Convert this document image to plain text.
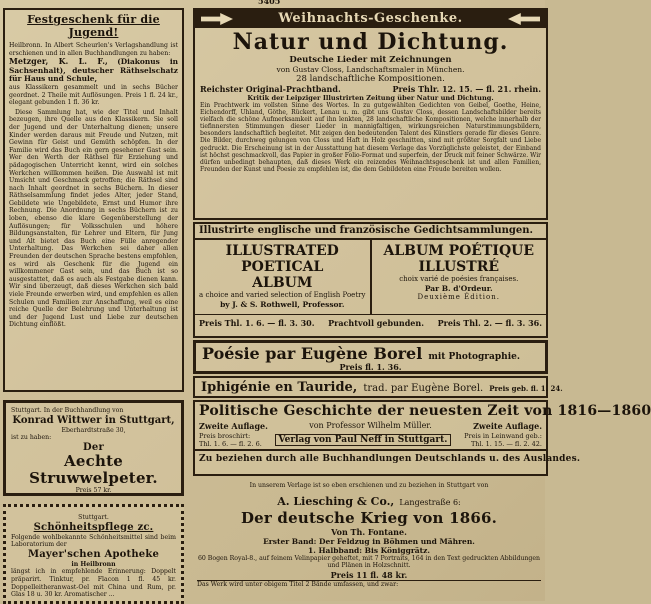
5405
Festgeschenk für die Jugend!
Heilbronn. In Albert Scheurlen's Verlagshandlung ist erschienen und in allen Buchhandlungen zu haben:
Metzger, K. L. F., (Diakonus in Sachsenhalt), deutscher Räthselschatz für Haus und Schule,
aus Klassikern gesammelt und in sechs Bücher geordnet. 2 Theile mit Auflösungen. Preis 1 fl. 24 kr., elegant gebunden 1 fl. 36 kr.
Diese Sammlung hat, wie der Titel und Inhalt bezeugen, ihre Quelle aus den Klassikern. Sie soll der Jugend und der Unterhaltung dienen; unsere Kinder werden daraus mit Freude und Nutzen, mit Gewinn für Geist und Gemüth schöpfen. In der Familie wird das Buch ein gern gesehener Gast sein. Wer den Werth der Räthsel für Erziehung und pädagogischen Unterricht kennt, wird ein solches Werkchen willkommen heißen. Die Auswahl ist mit Umsicht und Geschmack getroffen; die Räthsel sind nach Inhalt geordnet in sechs Büchern. In dieser Räthselsammlung findet jedes Alter, jeder Stand, Gebildete wie Ungebildete, Ernst und Humor ihre Rechnung. Die Anordnung in sechs Büchern ist zu loben, ebenso die klare Gegenüberstellung der Auflösungen; für Volksschulen und höhere Bildungsanstalten, für Lehrer und Eltern, für Jung und Alt bietet das Buch eine Fülle anregender Unterhaltung. Das Werkchen sei daher allen Freunden der deutschen Sprache bestens empfohlen, es wird als Geschenk für die Jugend ein willkommener Gast sein, und das Buch ist so ausgestattet, daß es auch als Festgabe dienen kann. Wir sind überzeugt, daß dieses Werkchen sich bald viele Freunde erwerben wird, und empfehlen es allen Schulen und Familien zur Anschaffung, weil es eine reiche Quelle der Belehrung und Unterhaltung ist und der Jugend Lust und Liebe zur deutschen Dichtung einflößt.
Stuttgart. In der Buchhandlung von
Konrad Wittwer in Stuttgart,
Eberhardtstraße 30,
ist zu haben:
Der
Aechte Struwwelpeter.
Preis 57 kr.
Stuttgart.
Schönheitspflege zc.
Folgende wohlbekannte Schönheitsmittel sind beim Laboratorium der
Mayer'schen Apotheke
in Heilbronn
längst ich in empfehlende Erinnerung: Doppelt präparirt. Tinktur, pr. Flacon 1 fl. 45 kr. Doppelleitheranwast-Oel mit China und Rum, pr. Glas 18 u. 30 kr. Aromatischer ...
Weihnachts-Geschenke.
Natur und Dichtung.
Deutsche Lieder mit Zeichnungen
von Gustav Closs, Landschaftsmaler in München.
28 landschaftliche Kompositionen.
Reichster Original-Prachtband.	Preis Thlr. 12. 15. — fl. 21. rhein.
Kritik der Leipziger Illustrirten Zeitung über Natur und Dichtung.
Ein Prachtwerk im vollsten Sinne des Wortes. In zu gutgewählten Gedichten von Geibel, Goethe, Heine, Eichendorff, Uhland, Göthe, Rückert, Lenau u. m. gibt uns Gustav Closs, dessen Landschaftsbilder bereits vielfach die schöne Aufmerksamkeit auf ihn lenkten, 28 landschaftliche Kompositionen, welche innerhalb der tiefinnersten Stimmungen dieser Lieder in mannigfaltigen, wirkungsreichen Naturstimmungsbildern, besonders landschaftlich begleitet. Mit zeigen den bedeutenden Talent des Künstlers gerade für dieses Genre. Die Bilder, durchweg gelungen von Closs und Haft in Holz geschnitten, sind mit größter Sorgfalt und Liebe gedruckt. Die Erscheinung ist in der Ausstattung hat diesem Verlage das Vorzüglichste geleistet, der Einband ist höchst geschmackvoll, das Papier in großer Folio-Format und superfein, der Druck mit feiner Schwärze. Wir dürfen unbedingt behaupten, daß dieses Werk ein reizendes Weihnachtsgeschenk ist und allen Familien, Freunden der Kunst und Poesie zu empfehlen ist, die dem Gebildeten eine Freude bereiten wollen.
Illustrirte englische und französische Gedichtsammlungen.
ILLUSTRATED POETICAL
ALBUM
a choice and varied selection of English Poetry
by J. & S. Rothwell, Professor.
ALBUM POÉTIQUE
ILLUSTRÉ
choix varié de poésies françaises.
Par B. d'Ordeur.
Deuxième Édition.
Preis Thl. 1. 6. — fl. 3. 30. Prachtvoll gebunden. Preis Thl. 2. — fl. 3. 36.
Poésie par Eugène Borel mit Photographie.
Preis fl. 1. 36.
Iphigénie en Tauride, trad. par Eugène Borel. Preis geb. fl. 1. 24.
Politische Geschichte der neuesten Zeit von 1816—1860
Zweite Auflage.	von Professor Wilhelm Müller.	Zweite Auflage.
Preis broschirt:
Thl. 1. 6. — fl. 2. 6.	Verlag von Paul Neff in Stuttgart.	Preis in Leinwand geb.:
Thl. 1. 15. — fl. 2. 42.
Zu beziehen durch alle Buchhandlungen Deutschlands u. des Auslandes.
In unserem Verlage ist so eben erschienen und zu beziehen in Stuttgart von
A. Liesching & Co., Langestraße 6:
Der deutsche Krieg von 1866.
Von Th. Fontane.
Erster Band: Der Feldzug in Böhmen und Mähren.
1. Halbband: Bis Königgrätz.
60 Bogen Royal-8., auf feinem Velinpapier geheftet, mit 7 Portraits, 164 in den Text gedruckten Abbildungen und Plänen in Holzschnitt.
Preis 11 fl. 48 kr.
Das Werk wird unter obigem Titel 2 Bände umfassen, und zwar:
